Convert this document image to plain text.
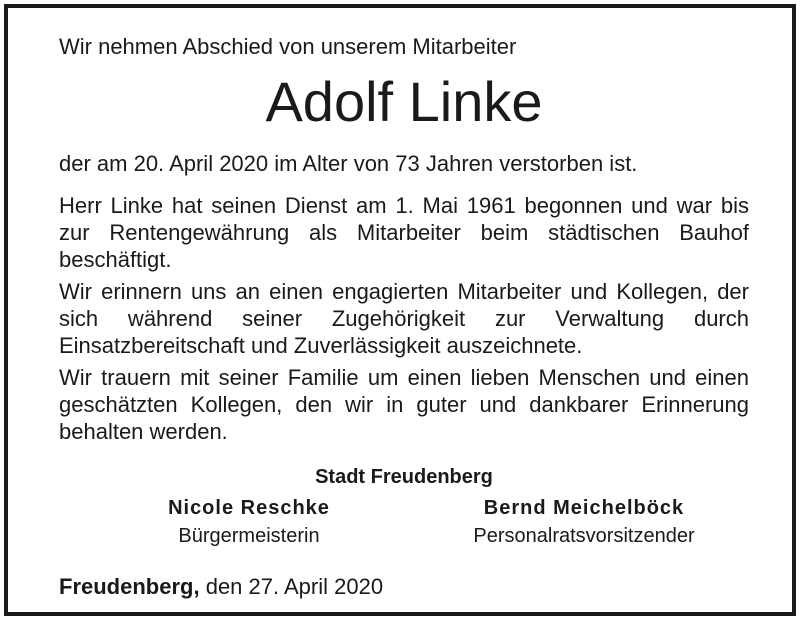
Wir nehmen Abschied von unserem Mitarbeiter
Adolf Linke
der am 20. April 2020 im Alter von 73 Jahren verstorben ist.

Herr Linke hat seinen Dienst am 1. Mai 1961 begonnen und war bis zur Rentengewährung als Mitarbeiter beim städtischen Bauhof beschäftigt.

Wir erinnern uns an einen engagierten Mitarbeiter und Kollegen, der sich während seiner Zugehörigkeit zur Verwaltung durch Einsatzbereitschaft und Zuverlässigkeit auszeichnete.

Wir trauern mit seiner Familie um einen lieben Menschen und einen geschätzten Kollegen, den wir in guter und dankbarer Erinnerung behalten werden.

Stadt Freudenberg
Nicole Reschke
Bürgermeisterin
Bernd Meichelböck
Personalratsvorsitzender
Freudenberg, den 27. April 2020
